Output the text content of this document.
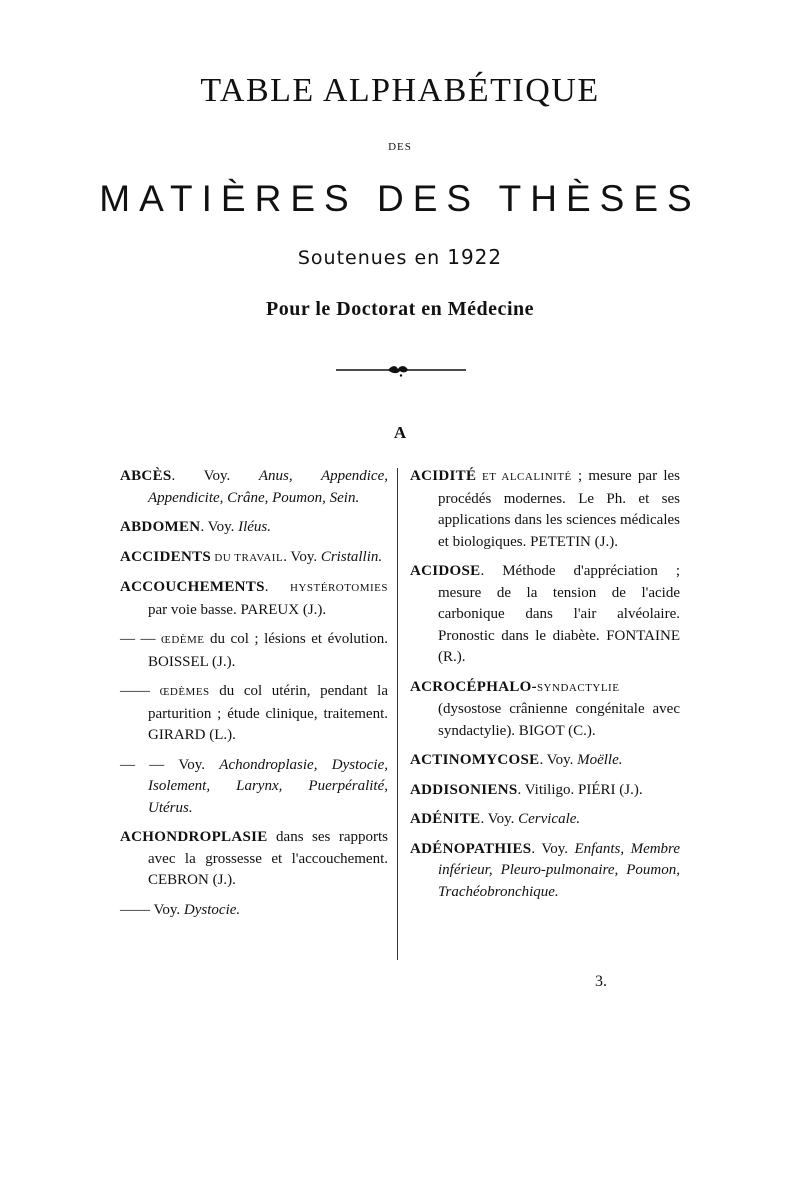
TABLE ALPHABÉTIQUE
DES
MATIÈRES DES THÈSES
Soutenues en 1922
Pour le Doctorat en Médecine
A
ABCÈS. Voy. Anus, Appendice, Appendicite, Crâne, Poumon, Sein.
ABDOMEN. Voy. Iléus.
ACCIDENTS DU TRAVAIL. Voy. Cristallin.
ACCOUCHEMENTS. HYSTÉROTOMIES par voie basse. PAREUX (J.).
— — ŒDÈME du col ; lésions et évolution. BOISSEL (J.).
—— ŒDÈMES du col utérin, pendant la parturition ; étude clinique, traitement. GIRARD (L.).
— — Voy. Achondroplasie, Dystocie, Isolement, Larynx, Puerpéralité, Utérus.
ACHONDROPLASIE dans ses rapports avec la grossesse et l'accouchement. CEBRON (J.).
—— Voy. Dystocie.
ACIDITÉ ET ALCALINITÉ ; mesure par les procédés modernes. Le Ph. et ses applications dans les sciences médicales et biologiques. PETETIN (J.).
ACIDOSE. Méthode d'appréciation ; mesure de la tension de l'acide carbonique dans l'air alvéolaire. Pronostic dans le diabète. FONTAINE (R.).
ACROCÉPHALO-SYNDACTYLIE (dysostose crânienne congénitale avec syndactylie). BIGOT (C.).
ACTINOMYCOSE. Voy. Moëlle.
ADDISONIENS. Vitiligo. PIÉRI (J.).
ADÉNITE. Voy. Cervicale.
ADÉNOPATHIES. Voy. Enfants, Membre inférieur, Pleuro-pulmonaire, Poumon, Trachéobronchique.
3.
